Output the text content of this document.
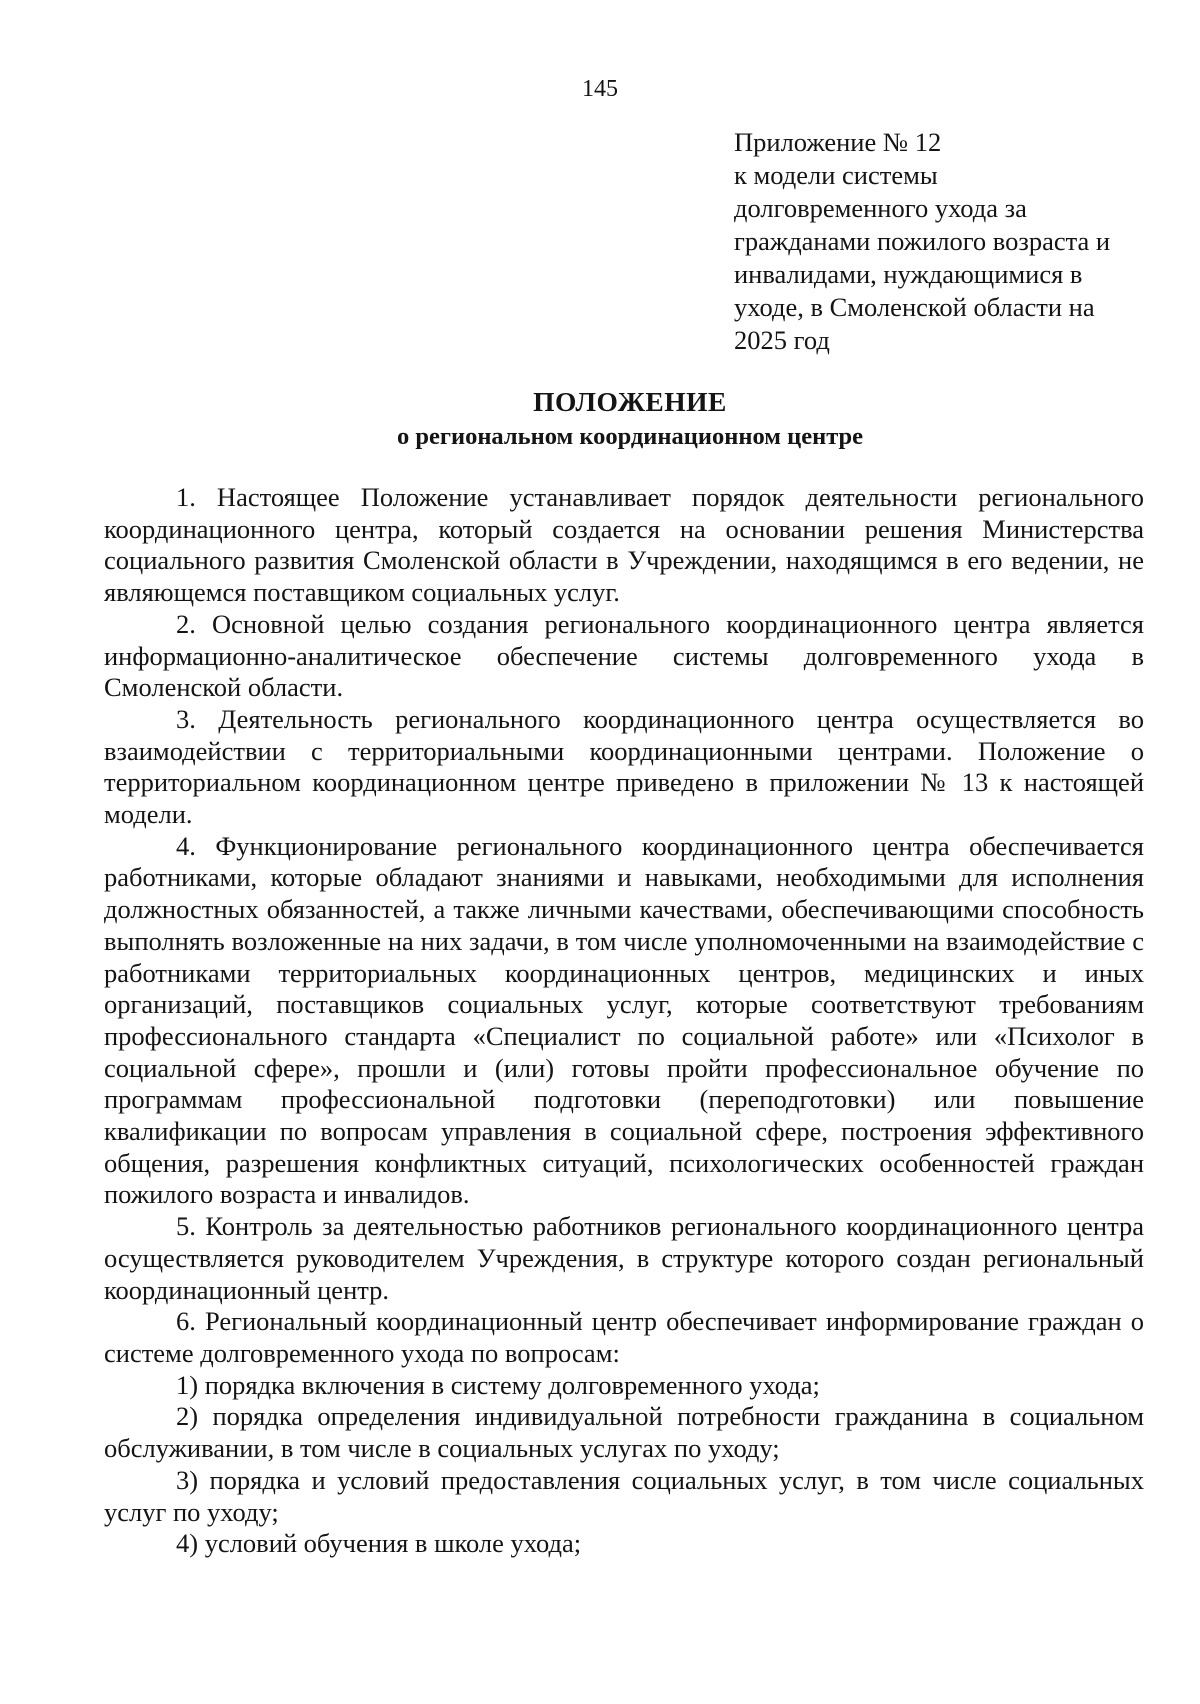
145
Приложение № 12
к модели системы
долговременного ухода за
гражданами пожилого возраста и
инвалидами, нуждающимися в
уходе, в Смоленской области на
2025 год
ПОЛОЖЕНИЕ
о региональном координационном центре

1. Настоящее Положение устанавливает порядок деятельности регионального координационного центра, который создается на основании решения Министерства социального развития Смоленской области в Учреждении, находящимся в его ведении, не являющемся поставщиком социальных услуг.

2. Основной целью создания регионального координационного центра является информационно-аналитическое обеспечение системы долговременного ухода в Смоленской области.

3. Деятельность регионального координационного центра осуществляется во взаимодействии с территориальными координационными центрами. Положение о территориальном координационном центре приведено в приложении № 13 к настоящей модели.

4. Функционирование регионального координационного центра обеспечивается работниками, которые обладают знаниями и навыками, необходимыми для исполнения должностных обязанностей, а также личными качествами, обеспечивающими способность выполнять возложенные на них задачи, в том числе уполномоченными на взаимодействие с работниками территориальных координационных центров, медицинских и иных организаций, поставщиков социальных услуг, которые соответствуют требованиям профессионального стандарта «Специалист по социальной работе» или «Психолог в социальной сфере», прошли и (или) готовы пройти профессиональное обучение по программам профессиональной подготовки (переподготовки) или повышение квалификации по вопросам управления в социальной сфере, построения эффективного общения, разрешения конфликтных ситуаций, психологических особенностей граждан пожилого возраста и инвалидов.

5. Контроль за деятельностью работников регионального координационного центра осуществляется руководителем Учреждения, в структуре которого создан региональный координационный центр.

6. Региональный координационный центр обеспечивает информирование граждан о системе долговременного ухода по вопросам:

1) порядка включения в систему долговременного ухода;

2) порядка определения индивидуальной потребности гражданина в социальном обслуживании, в том числе в социальных услугах по уходу;

3) порядка и условий предоставления социальных услуг, в том числе социальных услуг по уходу;

4) условий обучения в школе ухода;
